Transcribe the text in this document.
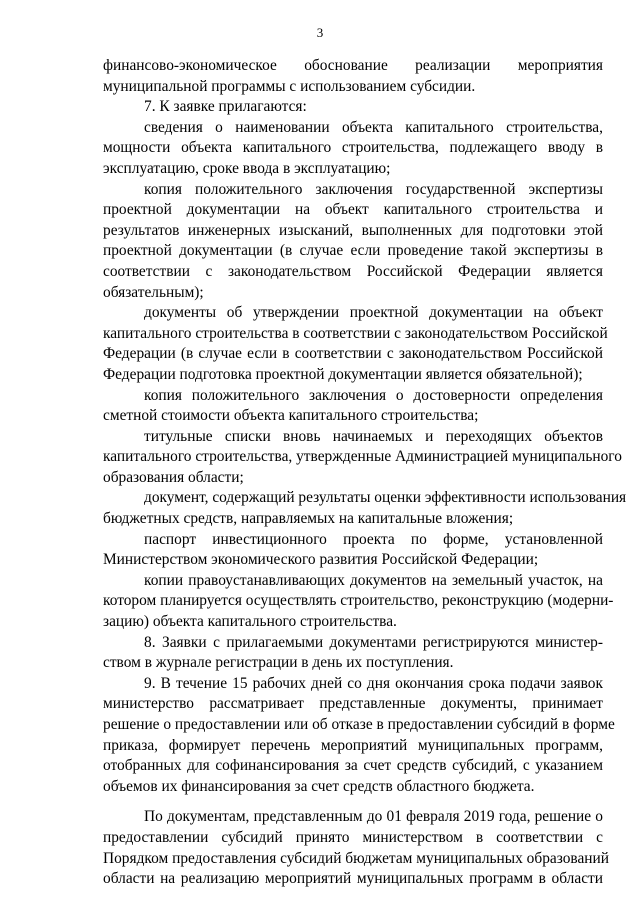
3
финансово-экономическое обоснование реализации мероприятия
муниципальной программы с использованием субсидии.
7. К заявке прилагаются:
сведения о наименовании объекта капитального строительства,
мощности объекта капитального строительства, подлежащего вводу в
эксплуатацию, сроке ввода в эксплуатацию;
копия положительного заключения государственной экспертизы
проектной документации на объект капитального строительства и
результатов инженерных изысканий, выполненных для подготовки этой
проектной документации (в случае если проведение такой экспертизы в
соответствии с законодательством Российской Федерации является
обязательным);
документы об утверждении проектной документации на объект
капитального строительства в соответствии с законодательством Российской
Федерации (в случае если в соответствии с законодательством Российской
Федерации подготовка проектной документации является обязательной);
копия положительного заключения о достоверности определения
сметной стоимости объекта капитального строительства;
титульные списки вновь начинаемых и переходящих объектов
капитального строительства, утвержденные Администрацией муниципального
образования области;
документ, содержащий результаты оценки эффективности использования
бюджетных средств, направляемых на капитальные вложения;
паспорт инвестиционного проекта по форме, установленной
Министерством экономического развития Российской Федерации;
копии правоустанавливающих документов на земельный участок, на
котором планируется осуществлять строительство, реконструкцию (модерни-
зацию) объекта капитального строительства.
8. Заявки с прилагаемыми документами регистрируются министер-
ством в журнале регистрации в день их поступления.
9. В течение 15 рабочих дней со дня окончания срока подачи заявок
министерство рассматривает представленные документы, принимает
решение о предоставлении или об отказе в предоставлении субсидий в форме
приказа, формирует перечень мероприятий муниципальных программ,
отобранных для софинансирования за счет средств субсидий, с указанием
объемов их финансирования за счет средств областного бюджета.
По документам, представленным до 01 февраля 2019 года, решение о
предоставлении субсидий принято министерством в соответствии с
Порядком предоставления субсидий бюджетам муниципальных образований
области на реализацию мероприятий муниципальных программ в области
